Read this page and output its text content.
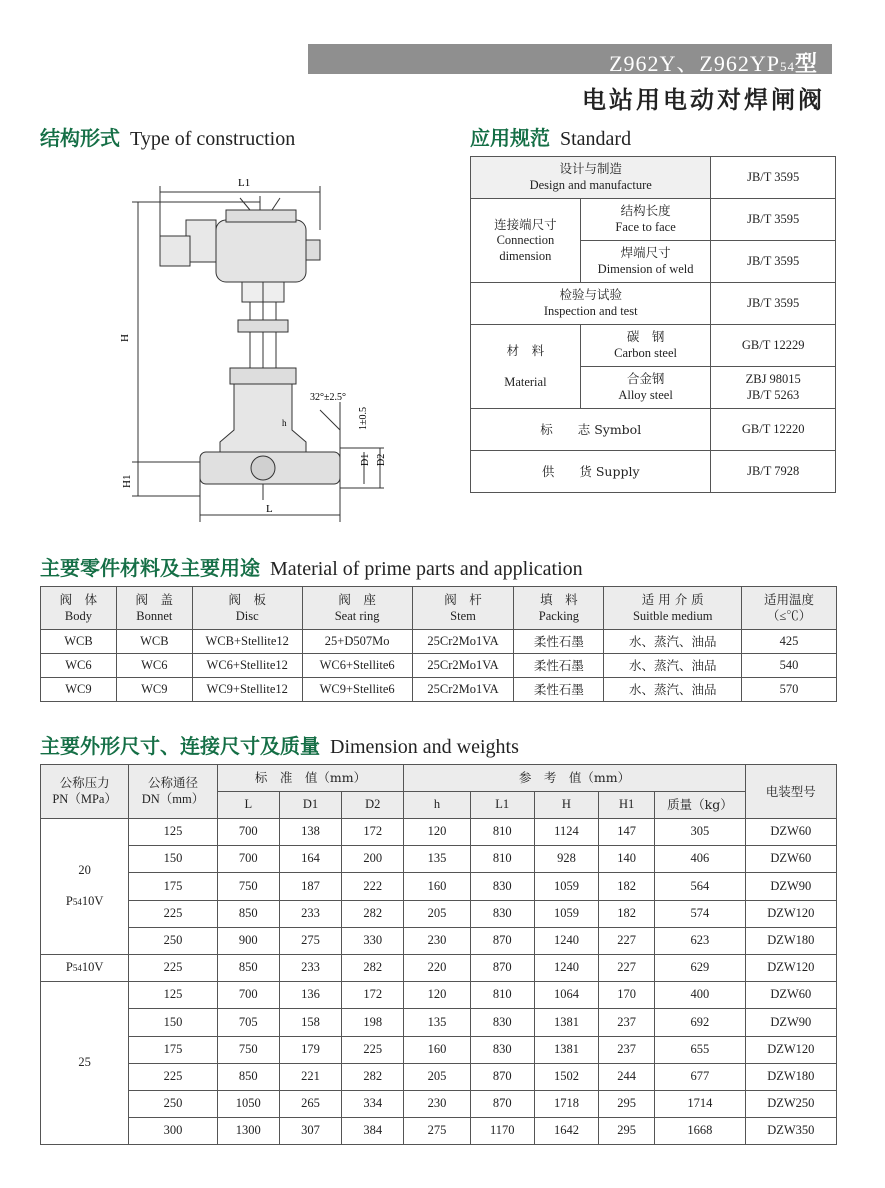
Z962Y、Z962YP54型
电站用电动对焊闸阀
结构形式 Type of construction	应用规范 Standard
主要零件材料及主要用途 Material of prime parts and application
主要外形尺寸、连接尺寸及质量 Dimension and weights
L1
H
H1
L
32°±2.5°
1±0.5
D1 D2
h
设计与制造
Design and manufacture		JB/T 3595
连接端尺寸
Connection
dimension	结构长度
Face to face	JB/T 3595
	焊端尺寸
Dimension of weld	JB/T 3595
检验与试验
Inspection and test		JB/T 3595
材　料

Material	碳　钢
Carbon steel	GB/T 12229
	合金钢
Alloy steel	ZBJ 98015
JB/T 5263
标　　志 Symbol		GB/T 12220
供　　货 Supply		JB/T 7928
阀　体
Body	阀　盖
Bonnet	阀　板
Disc	阀　座
Seat ring	阀　杆
Stem	填　料
Packing	适 用 介 质
Suitble medium	适用温度
（≤℃）
WCB	WCB	WCB+Stellite12	25+D507Mo	25Cr2Mo1VA	柔性石墨	水、蒸汽、油品	425
WC6	WC6	WC6+Stellite12	WC6+Stellite6	25Cr2Mo1VA	柔性石墨	水、蒸汽、油品	540
WC9	WC9	WC9+Stellite12	WC9+Stellite6	25Cr2Mo1VA	柔性石墨	水、蒸汽、油品	570
公称压力
PN（MPa）	公称通径
DN（mm）	标　准　值（mm）			参　考　值（mm）					电装型号
		L	D1	D2	h	L1	H	H1	质量（kg）	
20

P5410V	125	700	138	172	120	810	1124	147	305	DZW60
	150	700	164	200	135	810	928	140	406	DZW60
	175	750	187	222	160	830	1059	182	564	DZW90
	225	850	233	282	205	830	1059	182	574	DZW120
	250	900	275	330	230	870	1240	227	623	DZW180
P5410V	225	850	233	282	220	870	1240	227	629	DZW120
25	125	700	136	172	120	810	1064	170	400	DZW60
	150	705	158	198	135	830	1381	237	692	DZW90
	175	750	179	225	160	830	1381	237	655	DZW120
	225	850	221	282	205	870	1502	244	677	DZW180
	250	1050	265	334	230	870	1718	295	1714	DZW250
	300	1300	307	384	275	1170	1642	295	1668	DZW350
